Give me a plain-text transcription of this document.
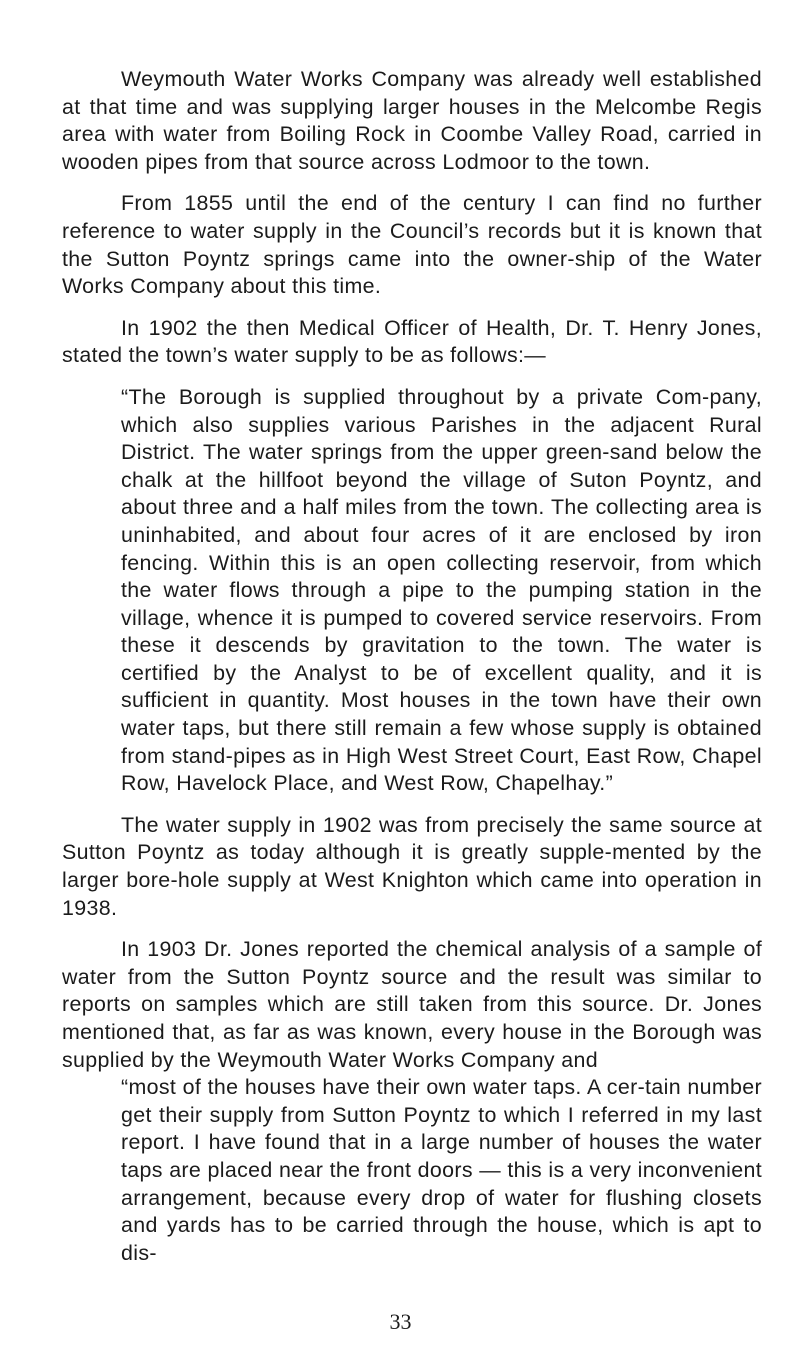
Weymouth Water Works Company was already well established at that time and was supplying larger houses in the Melcombe Regis area with water from Boiling Rock in Coombe Valley Road, carried in wooden pipes from that source across Lodmoor to the town.

From 1855 until the end of the century I can find no further reference to water supply in the Council’s records but it is known that the Sutton Poyntz springs came into the owner-ship of the Water Works Company about this time.

In 1902 the then Medical Officer of Health, Dr. T. Henry Jones, stated the town’s water supply to be as follows:—

“The Borough is supplied throughout by a private Com-pany, which also supplies various Parishes in the adjacent Rural District. The water springs from the upper green-sand below the chalk at the hillfoot beyond the village of Suton Poyntz, and about three and a half miles from the town. The collecting area is uninhabited, and about four acres of it are enclosed by iron fencing. Within this is an open collecting reservoir, from which the water flows through a pipe to the pumping station in the village, whence it is pumped to covered service reservoirs. From these it descends by gravitation to the town. The water is certified by the Analyst to be of excellent quality, and it is sufficient in quantity. Most houses in the town have their own water taps, but there still remain a few whose supply is obtained from stand-pipes as in High West Street Court, East Row, Chapel Row, Havelock Place, and West Row, Chapelhay.”

The water supply in 1902 was from precisely the same source at Sutton Poyntz as today although it is greatly supple-mented by the larger bore-hole supply at West Knighton which came into operation in 1938.

In 1903 Dr. Jones reported the chemical analysis of a sample of water from the Sutton Poyntz source and the result was similar to reports on samples which are still taken from this source. Dr. Jones mentioned that, as far as was known, every house in the Borough was supplied by the Weymouth Water Works Company and

“most of the houses have their own water taps. A cer-tain number get their supply from Sutton Poyntz to which I referred in my last report. I have found that in a large number of houses the water taps are placed near the front doors — this is a very inconvenient arrangement, because every drop of water for flushing closets and yards has to be carried through the house, which is apt to dis-

33
